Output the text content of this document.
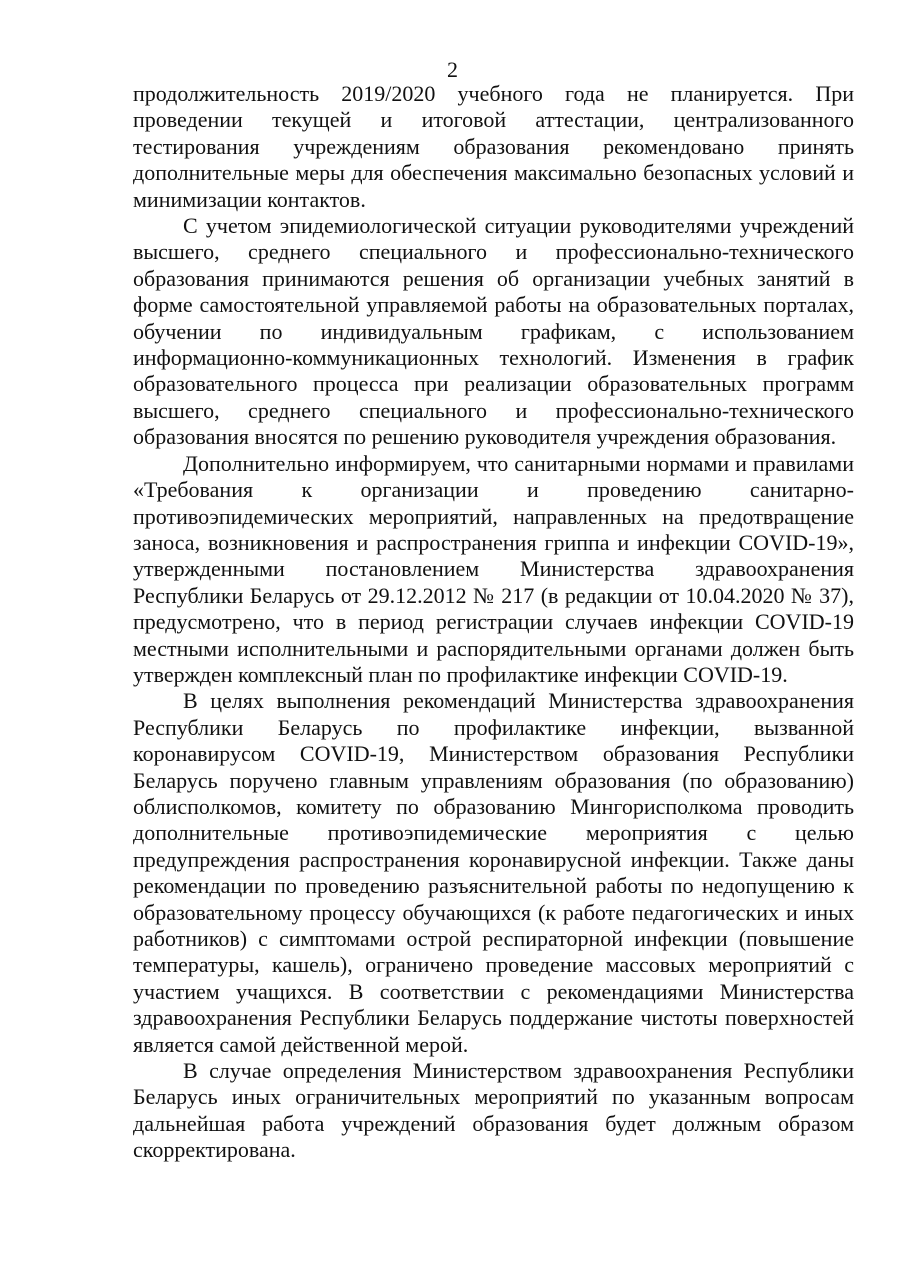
2

продолжительность 2019/2020 учебного года не планируется. При проведении текущей и итоговой аттестации, централизованного тестирования учреждениям образования рекомендовано принять дополнительные меры для обеспечения максимально безопасных условий и минимизации контактов.

С учетом эпидемиологической ситуации руководителями учреждений высшего, среднего специального и профессионально-технического образования принимаются решения об организации учебных занятий в форме самостоятельной управляемой работы на образовательных порталах, обучении по индивидуальным графикам, с использованием информационно-коммуникационных технологий. Изменения в график образовательного процесса при реализации образовательных программ высшего, среднего специального и профессионально-технического образования вносятся по решению руководителя учреждения образования.

Дополнительно информируем, что санитарными нормами и правилами «Требования к организации и проведению санитарно-противоэпидемических мероприятий, направленных на предотвращение заноса, возникновения и распространения гриппа и инфекции COVID-19», утвержденными постановлением Министерства здравоохранения Республики Беларусь от 29.12.2012 № 217 (в редакции от 10.04.2020 № 37), предусмотрено, что в период регистрации случаев инфекции COVID-19 местными исполнительными и распорядительными органами должен быть утвержден комплексный план по профилактике инфекции COVID-19.

В целях выполнения рекомендаций Министерства здравоохранения Республики Беларусь по профилактике инфекции, вызванной коронавирусом COVID-19, Министерством образования Республики Беларусь поручено главным управлениям образования (по образованию) облисполкомов, комитету по образованию Мингорисполкома проводить дополнительные противоэпидемические мероприятия с целью предупреждения распространения коронавирусной инфекции. Также даны рекомендации по проведению разъяснительной работы по недопущению к образовательному процессу обучающихся (к работе педагогических и иных работников) с симптомами острой респираторной инфекции (повышение температуры, кашель), ограничено проведение массовых мероприятий с участием учащихся. В соответствии с рекомендациями Министерства здравоохранения Республики Беларусь поддержание чистоты поверхностей является самой действенной мерой.

В случае определения Министерством здравоохранения Республики Беларусь иных ограничительных мероприятий по указанным вопросам дальнейшая работа учреждений образования будет должным образом скорректирована.
